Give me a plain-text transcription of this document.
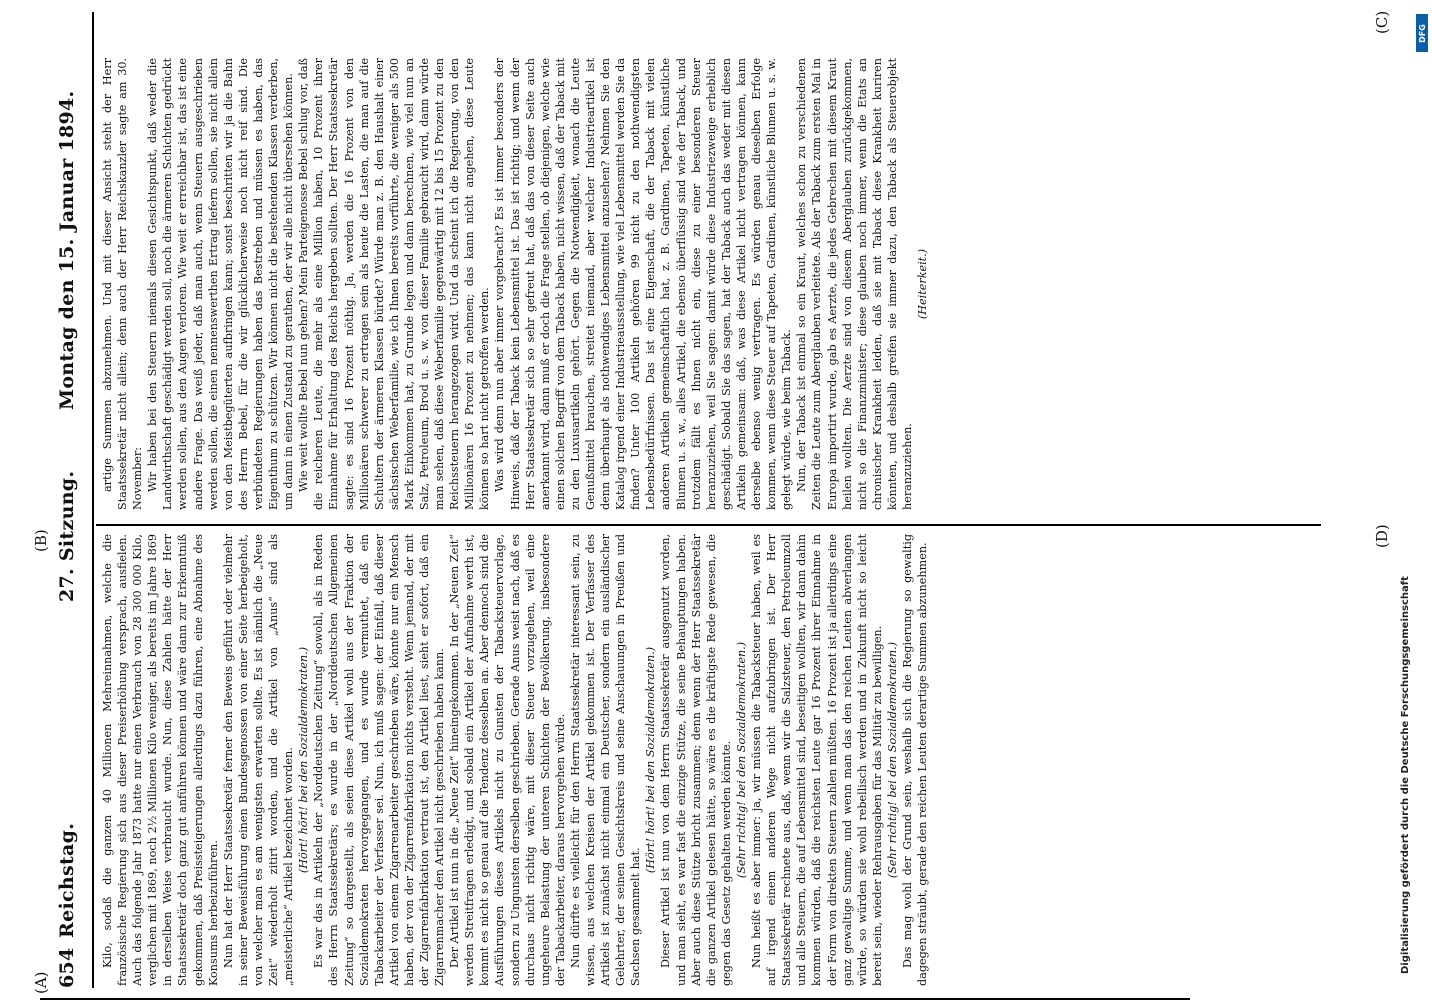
654
Reichstag.
27. Sitzung.
Montag den 15. Januar 1894.
(A)
(B)
(C)
(D)

Kilo, sodaß die ganzen 40 Millionen Mehreinnahmen, welche die französische Regierung sich aus dieser Preiserhöhung versprach, ausfielen. Auch das folgende Jahr 1873 hatte nur einen Verbrauch von 28 300 000 Kilo, verglichen mit 1869, noch 2½ Millionen Kilo weniger, als bereits im Jahre 1869 in derselben Weise verbraucht wurde. Nun, diese Zahlen hätte der Herr Staatssekretär doch ganz gut anführen können und wäre dann zur Erkenntniß gekommen, daß Preissteigerungen allerdings dazu führen, eine Abnahme des Konsums herbeizuführen. Nun hat der Herr Staatssekretär ferner den Beweis geführt oder vielmehr in seiner Beweisführung einen Bundesgenossen von einer Seite herbeigeholt, von welcher man es am wenigsten erwarten sollte. Es ist nämlich die „Neue Zeit“ wiederholt zitirt worden, und die Artikel von „Anus“ sind als „meisterliche“ Artikel bezeichnet worden. (Hört! hört! bei den Sozialdemokraten.) Es war das in Artikeln der „Norddeutschen Zeitung“ sowohl, als in Reden des Herrn Staatssekretärs; es wurde in der „Norddeutschen Allgemeinen Zeitung“ so dargestellt, als seien diese Artikel wohl aus der Fraktion der Sozialdemokraten hervorgegangen, und es wurde vermuthet, daß ein Tabackarbeiter der Verfasser sei. Nun, ich muß sagen: der Einfall, daß dieser Artikel von einem Zigarrenarbeiter geschrieben wäre, könnte nur ein Mensch haben, der von der Zigarrenfabrikation nichts versteht. Wenn jemand, der mit der Zigarrenfabrikation vertraut ist, den Artikel liest, sieht er sofort, daß ein Zigarrenmacher den Artikel nicht geschrieben haben kann. Der Artikel ist nun in die „Neue Zeit“ hineingekommen. In der „Neuen Zeit“ werden Streitfragen erledigt, und sobald ein Artikel der Aufnahme werth ist, kommt es nicht so genau auf die Tendenz desselben an. Aber dennoch sind die Ausführungen dieses Artikels nicht zu Gunsten der Tabacksteuervorlage, sondern zu Ungunsten derselben geschrieben. Gerade Anus weist nach, daß es durchaus nicht richtig wäre, mit dieser Steuer vorzugehen, weil eine ungeheure Belastung der unteren Schichten der Bevölkerung, insbesondere der Tabackarbeiter, daraus hervorgehen würde. Nun dürfte es vielleicht für den Herrn Staatssekretär interessant sein, zu wissen, aus welchen Kreisen der Artikel gekommen ist. Der Verfasser des Artikels ist zunächst nicht einmal ein Deutscher, sondern ein ausländischer Gelehrter, der seinen Gesichtskreis und seine Anschauungen in Preußen und Sachsen gesammelt hat.

(Hört! hört! bei den Sozialdemokraten.) Dieser Artikel ist nun von dem Herrn Staatssekretär ausgenutzt worden, und man sieht, es war fast die einzige Stütze, die seine Behauptungen haben. Aber auch diese Stütze bricht zusammen; denn wenn der Herr Staatssekretär die ganzen Artikel gelesen hätte, so wäre es die kräftigste Rede gewesen, die gegen das Gesetz gehalten werden könnte. (Sehr richtig! bei den Sozialdemokraten.) Nun heißt es aber immer: ja, wir müssen die Tabacksteuer haben, weil es auf irgend einem anderen Wege nicht aufzubringen ist. Der Herr Staatssekretär rechnete aus, daß, wenn wir die Salzsteuer, den Petroleumzoll und alle Steuern, die auf Lebensmittel sind, beseitigen wollten, wir dann dahin kommen würden, daß die reichsten Leute gar 16 Prozent ihrer Einnahme in der Form von direkten Steuern zahlen müßten. 16 Prozent ist ja allerdings eine ganz gewaltige Summe, und wenn man das den reichen Leuten abverlangen würde, so würden sie wohl rebellisch werden und in Zukunft nicht so leicht bereit sein, wieder Rehrausgaben für das Militär zu bewilligen. (Sehr richtig! bei den Sozialdemokraten.) Das mag wohl der Grund sein, weshalb sich die Regierung so gewaltig dagegen sträubt, gerade den reichen Leuten derartige Summen abzunehmen.

artige Summen abzunehmen. Und mit dieser Ansicht steht der Herr Staatssekretär nicht allein; denn auch der Herr Reichskanzler sagte am 30. November: Wir haben bei den Steuern niemals diesen Gesichtspunkt, daß weder die Landwirthschaft geschädigt werden soll, noch die ärmeren Schichten gedrückt werden sollen, aus den Augen verloren. Wie weit er erreichbar ist, das ist eine andere Frage. Das weiß jeder, daß man auch, wenn Steuern ausgeschrieben werden sollen, die einen nennenswerthen Ertrag liefern sollen, sie nicht allein von den Meistbegüterten aufbringen kann; sonst beschritten wir ja die Bahn des Herrn Bebel, für die wir glücklicherweise noch nicht reif sind. Die verbündeten Regierungen haben das Bestreben und müssen es haben, das Eigenthum zu schützen. Wir können nicht die bestehenden Klassen verderben, um dann in einen Zustand zu gerathen, der wir alle nicht übersehen können. Wie weit wollte Bebel nun gehen? Mein Parteigenosse Bebel schlug vor, daß die reicheren Leute, die mehr als eine Million haben, 10 Prozent ihrer Einnahme für Erhaltung des Reichs hergeben sollten. Der Herr Staatssekretär sagte: es sind 16 Prozent nöthig. Ja, werden die 16 Prozent von den Millionären schwerer zu ertragen sein als heute die Lasten, die man auf die Schultern der ärmeren Klassen bürdet? Würde man z. B. den Haushalt einer sächsischen Weberfamilie, wie ich Ihnen bereits vorführte, die weniger als 500 Mark Einkommen hat, zu Grunde legen und dann berechnen, wie viel nun an Salz, Petroleum, Brod u. s. w. von dieser Familie gebraucht wird, dann würde man sehen, daß diese Weberfamilie gegenwärtig mit 12 bis 15 Prozent zu den Reichssteuern herangezogen wird. Und da scheint ich die Regierung, von den Millionären 16 Prozent zu nehmen; das kann nicht angehen, diese Leute können so hart nicht getroffen werden. Was wird denn nun aber immer vorgebracht? Es ist immer besonders der Hinweis, daß der Taback kein Lebensmittel ist. Das ist richtig; und wenn der Herr Staatssekretär sich so sehr gefreut hat, daß das von dieser Seite auch anerkannt wird, dann muß er doch die Frage stellen, ob diejenigen, welche wie einen solchen Begriff von dem Taback haben, nicht wissen, daß der Taback mit zu den Luxusartikeln gehört. Gegen die Notwendigkeit, wonach die Leute Genußmittel brauchen, streitet niemand, aber welcher Industrieartikel ist denn überhaupt als nothwendiges Lebensmittel anzusehen? Nehmen Sie den Katalog irgend einer Industrieausstellung, wie viel Lebensmittel werden Sie da finden? Unter 100 Artikeln gehören 99 nicht zu den nothwendigsten Lebensbedürfnissen. Das ist eine Eigenschaft, die der Taback mit vielen anderen Artikeln gemeinschaftlich hat, z. B. Gardinen, Tapeten, künstliche Blumen u. s. w., alles Artikel, die ebenso überflüssig sind wie der Taback, und trotzdem fällt es Ihnen nicht ein, diese zu einer besonderen Steuer heranzuziehen, weil Sie sagen: damit würde diese Industriezweige erheblich geschädigt. Sobald Sie das sagen, hat der Taback auch das weder mit diesen Artikeln gemeinsam: daß, was diese Artikel nicht vertragen können, kann derselbe ebenso wenig vertragen. Es würden genau dieselben Erfolge kommen, wenn diese Steuer auf Tapeten, Gardinen, künstliche Blumen u. s. w. gelegt würde, wie beim Taback. Nun, der Taback ist einmal so ein Kraut, welches schon zu verschiedenen Zeiten die Leute zum Aberglauben verleitete. Als der Taback zum ersten Mal in Europa importirt wurde, gab es Aerzte, die jedes Gebrechen mit diesem Kraut heilen wollten. Die Aerzte sind von diesem Aberglauben zurückgekommen, nicht so die Finanzminister; diese glauben noch immer, wenn die Etats an chronischer Krankheit leiden, daß sie mit Taback diese Krankheit kuriren könnten, und deshalb greifen sie immer dazu, den Taback als Steuerobjekt heranzuziehen.

(Heiterkeit.)

Digitalisierung gefördert durch die Deutsche Forschungsgemeinschaft
DFG
